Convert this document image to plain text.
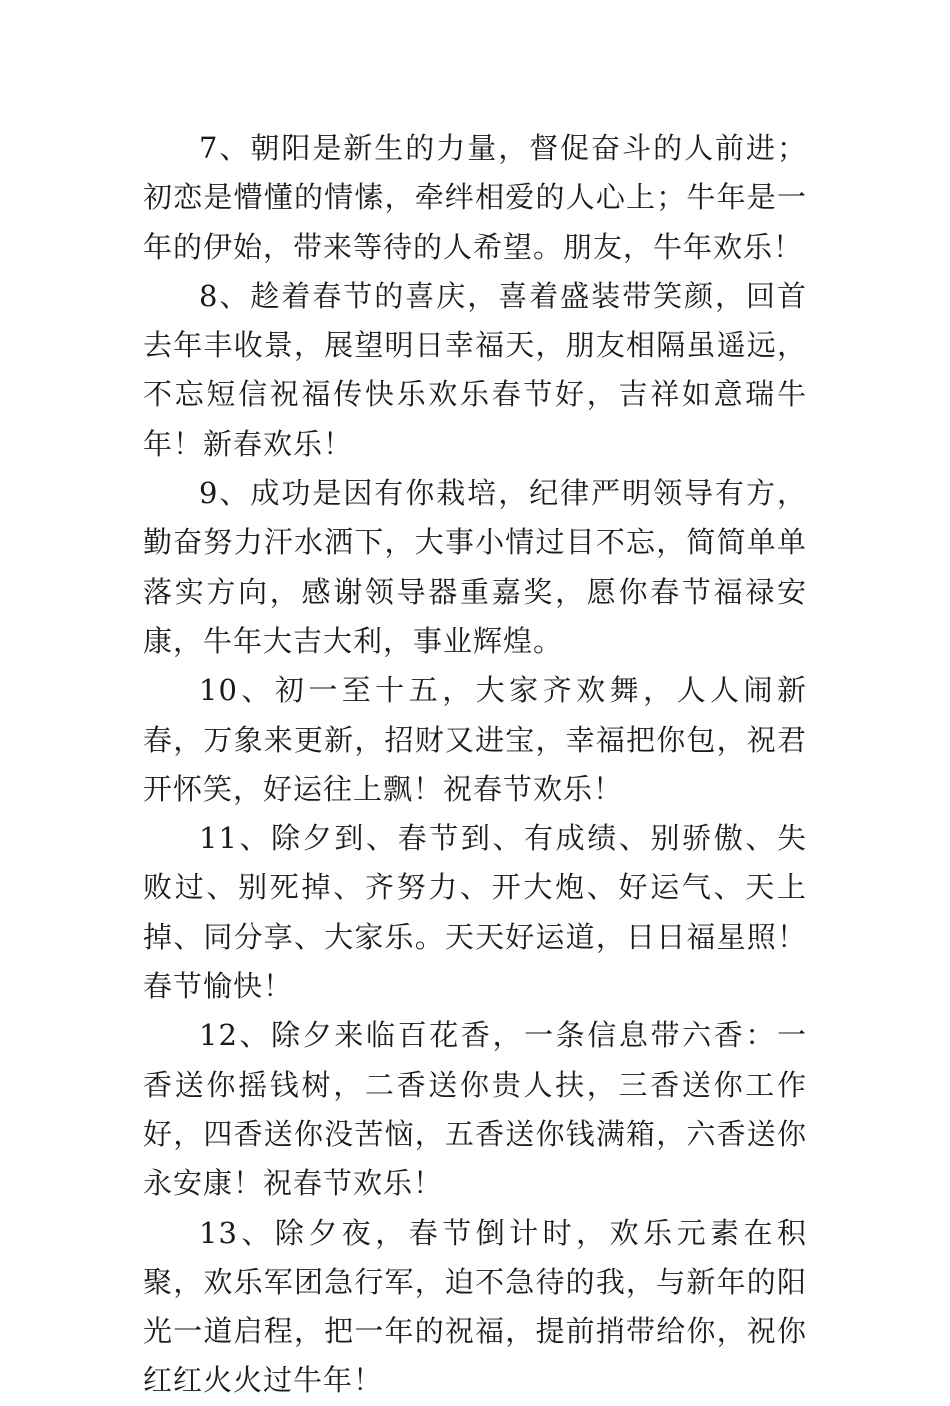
7、朝阳是新生的力量，督促奋斗的人前进；初恋是懵懂的情愫，牵绊相爱的人心上；牛年是一年的伊始，带来等待的人希望。朋友，牛年欢乐！

8、趁着春节的喜庆，喜着盛装带笑颜，回首去年丰收景，展望明日幸福天，朋友相隔虽遥远，不忘短信祝福传快乐欢乐春节好，吉祥如意瑞牛年！新春欢乐！

9、成功是因有你栽培，纪律严明领导有方，勤奋努力汗水洒下，大事小情过目不忘，简简单单落实方向，感谢领导器重嘉奖，愿你春节福禄安康，牛年大吉大利，事业辉煌。

10、初一至十五，大家齐欢舞，人人闹新春，万象来更新，招财又进宝，幸福把你包，祝君开怀笑，好运往上飘！祝春节欢乐！

11、除夕到、春节到、有成绩、别骄傲、失败过、别死掉、齐努力、开大炮、好运气、天上掉、同分享、大家乐。天天好运道，日日福星照！春节愉快！

12、除夕来临百花香，一条信息带六香：一香送你摇钱树，二香送你贵人扶，三香送你工作好，四香送你没苦恼，五香送你钱满箱，六香送你永安康！祝春节欢乐！

13、除夕夜，春节倒计时，欢乐元素在积聚，欢乐军团急行军，迫不急待的我，与新年的阳光一道启程，把一年的祝福，提前捎带给你，祝你红红火火过牛年！
